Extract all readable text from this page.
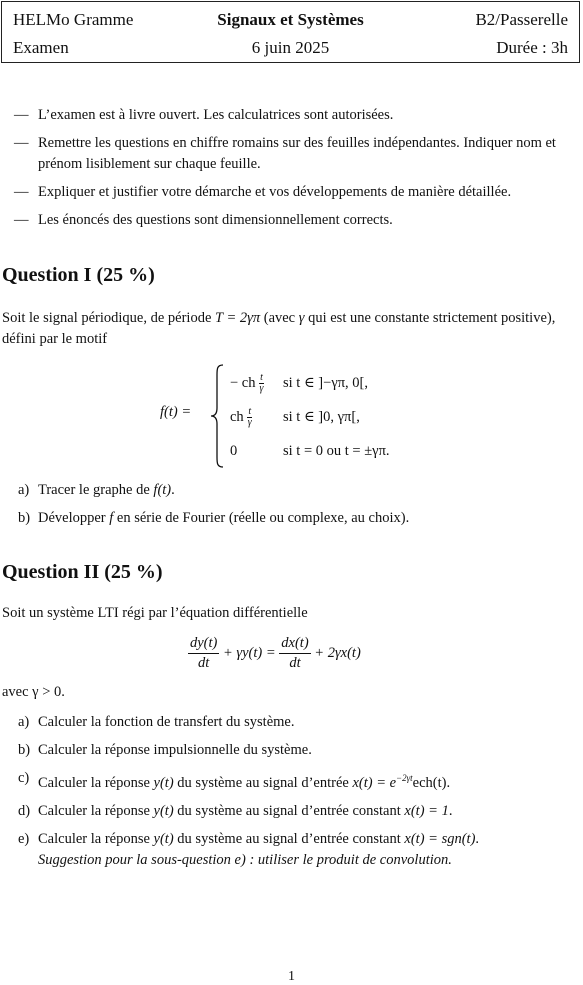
HELMo Gramme	Signaux et Systèmes	B2/Passerelle
Examen	6 juin 2025	Durée : 3h
— L’examen est à livre ouvert. Les calculatrices sont autorisées.
— Remettre les questions en chiffre romains sur des feuilles indépendantes. Indiquer nom et prénom lisiblement sur chaque feuille.
— Expliquer et justifier votre démarche et vos développements de manière détaillée.
— Les énoncés des questions sont dimensionnellement corrects.
Question I (25 %)
Soit le signal périodique, de période T = 2γπ (avec γ qui est une constante strictement positive), défini par le motif
f(t) =
− ch $\frac{t}{\gamma}$ si t ∈ ]−γπ, 0[,
ch $\frac{t}{\gamma}$ si t ∈ ]0, γπ[,
0	si t = 0 ou t = ±γπ.
a) Tracer le graphe de f(t).
b) Développer f en série de Fourier (réelle ou complexe, au choix).
Question II (25 %)
Soit un système LTI régi par l’équation différentielle
$\frac{dy(t)}{dt} + \gamma y(t) = \frac{dx(t)}{dt} + 2\gamma x(t)$
avec γ > 0.
a) Calculer la fonction de transfert du système.
b) Calculer la réponse impulsionnelle du système.
c) Calculer la réponse y(t) du système au signal d’entrée $x(t) = e^{-2\gamma t}ech(t)$.
d) Calculer la réponse y(t) du système au signal d’entrée constant x(t) = 1.
e) Calculer la réponse y(t) du système au signal d’entrée constant x(t) = sgn(t).
Suggestion pour la sous-question e) : utiliser le produit de convolution.
1
